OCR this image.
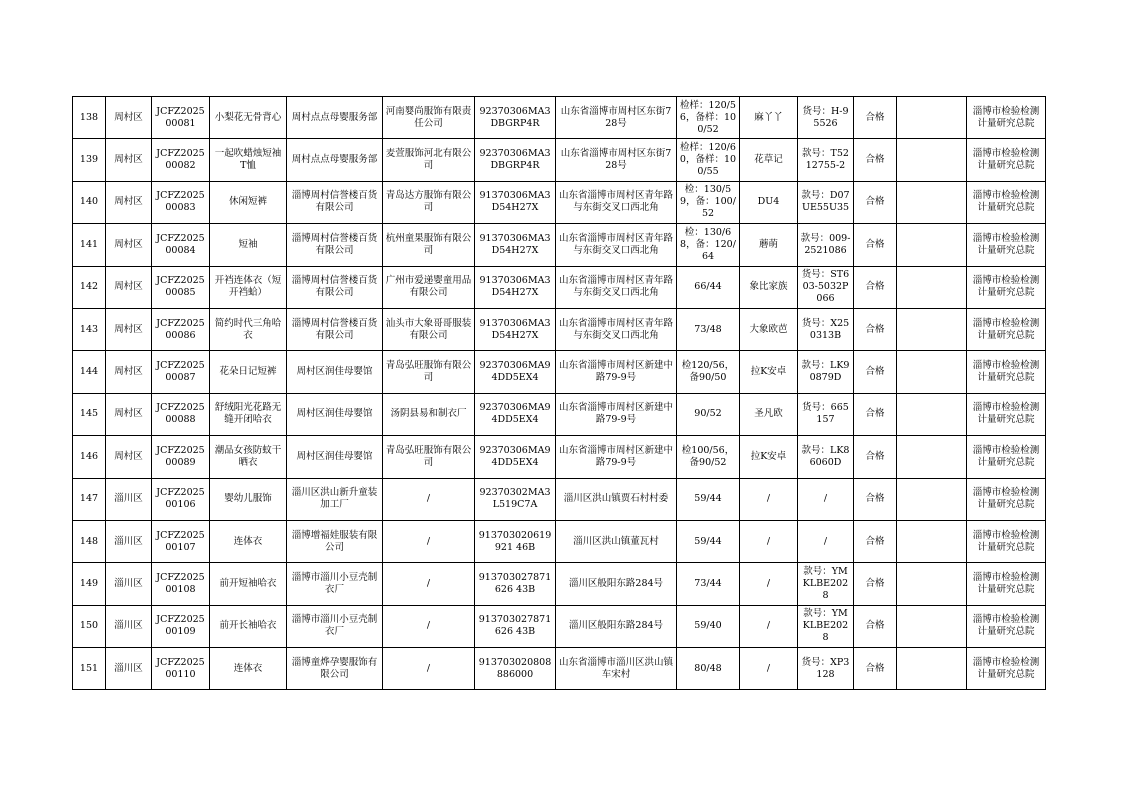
138	周村区	JCFZ202500081	小梨花无骨背心	周村点点母婴服务部	河南婴尚服饰有限责任公司	92370306MA3DBGRP4R	山东省淄博市周村区东街728号	检样：120/56，备样：100/52	麻丫丫	货号：H-95526	合格		淄博市检验检测计量研究总院
139	周村区	JCFZ202500082	一起吹蜡烛短袖T恤	周村点点母婴服务部	麦萱服饰河北有限公司	92370306MA3DBGRP4R	山东省淄博市周村区东街728号	检样：120/60，备样：100/55	花草记	款号：T5212755-2	合格		淄博市检验检测计量研究总院
140	周村区	JCFZ202500083	休闲短裤	淄博周村信誉楼百货有限公司	青岛达方服饰有限公司	91370306MA3D54H27X	山东省淄博市周村区青年路与东街交叉口西北角	检：130/59，备：100/52	DU4	款号：D07UE55U35	合格		淄博市检验检测计量研究总院
141	周村区	JCFZ202500084	短袖	淄博周村信誉楼百货有限公司	杭州童果服饰有限公司	91370306MA3D54H27X	山东省淄博市周村区青年路与东街交叉口西北角	检：130/68，备：120/64	蘑萌	款号：009-2521086	合格		淄博市检验检测计量研究总院
142	周村区	JCFZ202500085	开裆连体衣（短开裆蛤）	淄博周村信誉楼百货有限公司	广州市爱递婴童用品有限公司	91370306MA3D54H27X	山东省淄博市周村区青年路与东街交叉口西北角	66/44	象比家族	货号：ST603-5032P066	合格		淄博市检验检测计量研究总院
143	周村区	JCFZ202500086	简约时代三角哈衣	淄博周村信誉楼百货有限公司	汕头市大象哥哥服装有限公司	91370306MA3D54H27X	山东省淄博市周村区青年路与东街交叉口西北角	73/48	大象欧芭	货号：X250313B	合格		淄博市检验检测计量研究总院
144	周村区	JCFZ202500087	花朵日记短裤	周村区润佳母婴馆	青岛弘旺服饰有限公司	92370306MA94DD5EX4	山东省淄博市周村区新建中路79-9号	检120/56，备90/50	拉K安卓	款号：LK90879D	合格		淄博市检验检测计量研究总院
145	周村区	JCFZ202500088	舒绒阳光花路无缝开闭哈衣	周村区润佳母婴馆	汤阴县易和制衣厂	92370306MA94DD5EX4	山东省淄博市周村区新建中路79-9号	90/52	圣凡欧	货号：665157	合格		淄博市检验检测计量研究总院
146	周村区	JCFZ202500089	潮品女孩防蚊干晒衣	周村区润佳母婴馆	青岛弘旺服饰有限公司	92370306MA94DD5EX4	山东省淄博市周村区新建中路79-9号	检100/56，备90/52	拉K安卓	款号：LK86060D	合格		淄博市检验检测计量研究总院
147	淄川区	JCFZ202500106	婴幼儿服饰	淄川区洪山新升童装加工厂	/	92370302MA3L519C7A	淄川区洪山镇贾石村村委	59/44	/	/	合格		淄博市检验检测计量研究总院
148	淄川区	JCFZ202500107	连体衣	淄博增福娃服装有限公司	/	913703020619921 46B	淄川区洪山镇董瓦村	59/44	/	/	合格		淄博市检验检测计量研究总院
149	淄川区	JCFZ202500108	前开短袖哈衣	淄博市淄川小豆壳制衣厂	/	913703027871626 43B	淄川区般阳东路284号	73/44	/	款号：YMKLBE2028	合格		淄博市检验检测计量研究总院
150	淄川区	JCFZ202500109	前开长袖哈衣	淄博市淄川小豆壳制衣厂	/	913703027871626 43B	淄川区般阳东路284号	59/40	/	款号：YMKLBE2028	合格		淄博市检验检测计量研究总院
151	淄川区	JCFZ202500110	连体衣	淄博童烨孕婴服饰有限公司	/	913703020808886000	山东省淄博市淄川区洪山镇车宋村	80/48	/	货号：XP3128	合格		淄博市检验检测计量研究总院
